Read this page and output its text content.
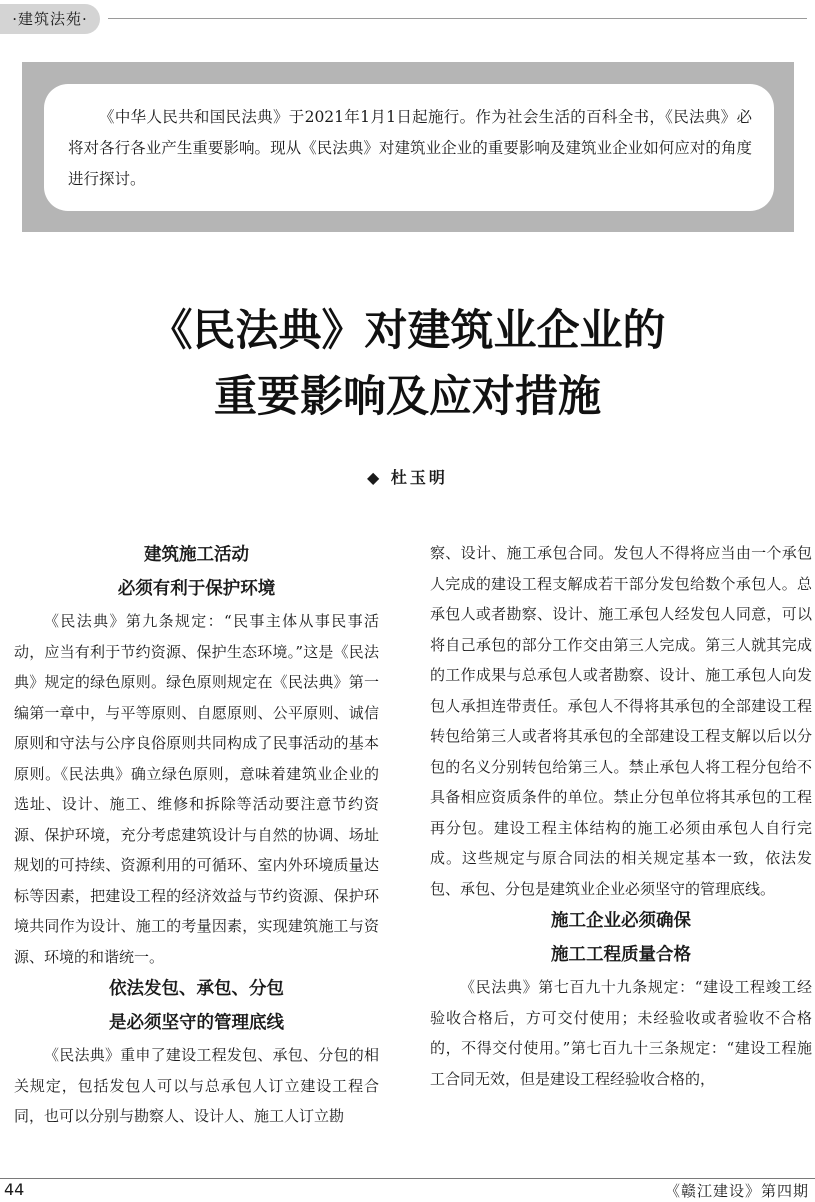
·建筑法苑·

《中华人民共和国民法典》于2021年1月1日起施行。作为社会生活的百科全书，《民法典》必将对各行各业产生重要影响。现从《民法典》对建筑业企业的重要影响及建筑业企业如何应对的角度进行探讨。

《民法典》对建筑业企业的
重要影响及应对措施
◆ 杜玉明

建筑施工活动

必须有利于保护环境

《民法典》第九条规定：“民事主体从事民事活动，应当有利于节约资源、保护生态环境。”这是《民法典》规定的绿色原则。绿色原则规定在《民法典》第一编第一章中，与平等原则、自愿原则、公平原则、诚信原则和守法与公序良俗原则共同构成了民事活动的基本原则。《民法典》确立绿色原则，意味着建筑业企业的选址、设计、施工、维修和拆除等活动要注意节约资源、保护环境，充分考虑建筑设计与自然的协调、场址规划的可持续、资源利用的可循环、室内外环境质量达标等因素，把建设工程的经济效益与节约资源、保护环境共同作为设计、施工的考量因素，实现建筑施工与资源、环境的和谐统一。

依法发包、承包、分包

是必须坚守的管理底线

《民法典》重申了建设工程发包、承包、分包的相关规定，包括发包人可以与总承包人订立建设工程合同，也可以分别与勘察人、设计人、施工人订立勘

察、设计、施工承包合同。发包人不得将应当由一个承包人完成的建设工程支解成若干部分发包给数个承包人。总承包人或者勘察、设计、施工承包人经发包人同意，可以将自己承包的部分工作交由第三人完成。第三人就其完成的工作成果与总承包人或者勘察、设计、施工承包人向发包人承担连带责任。承包人不得将其承包的全部建设工程转包给第三人或者将其承包的全部建设工程支解以后以分包的名义分别转包给第三人。禁止承包人将工程分包给不具备相应资质条件的单位。禁止分包单位将其承包的工程再分包。建设工程主体结构的施工必须由承包人自行完成。这些规定与原合同法的相关规定基本一致，依法发包、承包、分包是建筑业企业必须坚守的管理底线。

施工企业必须确保

施工工程质量合格

《民法典》第七百九十九条规定：“建设工程竣工经验收合格后，方可交付使用；未经验收或者验收不合格的，不得交付使用。”第七百九十三条规定：“建设工程施工合同无效，但是建设工程经验收合格的，

44	《赣江建设》第四期
